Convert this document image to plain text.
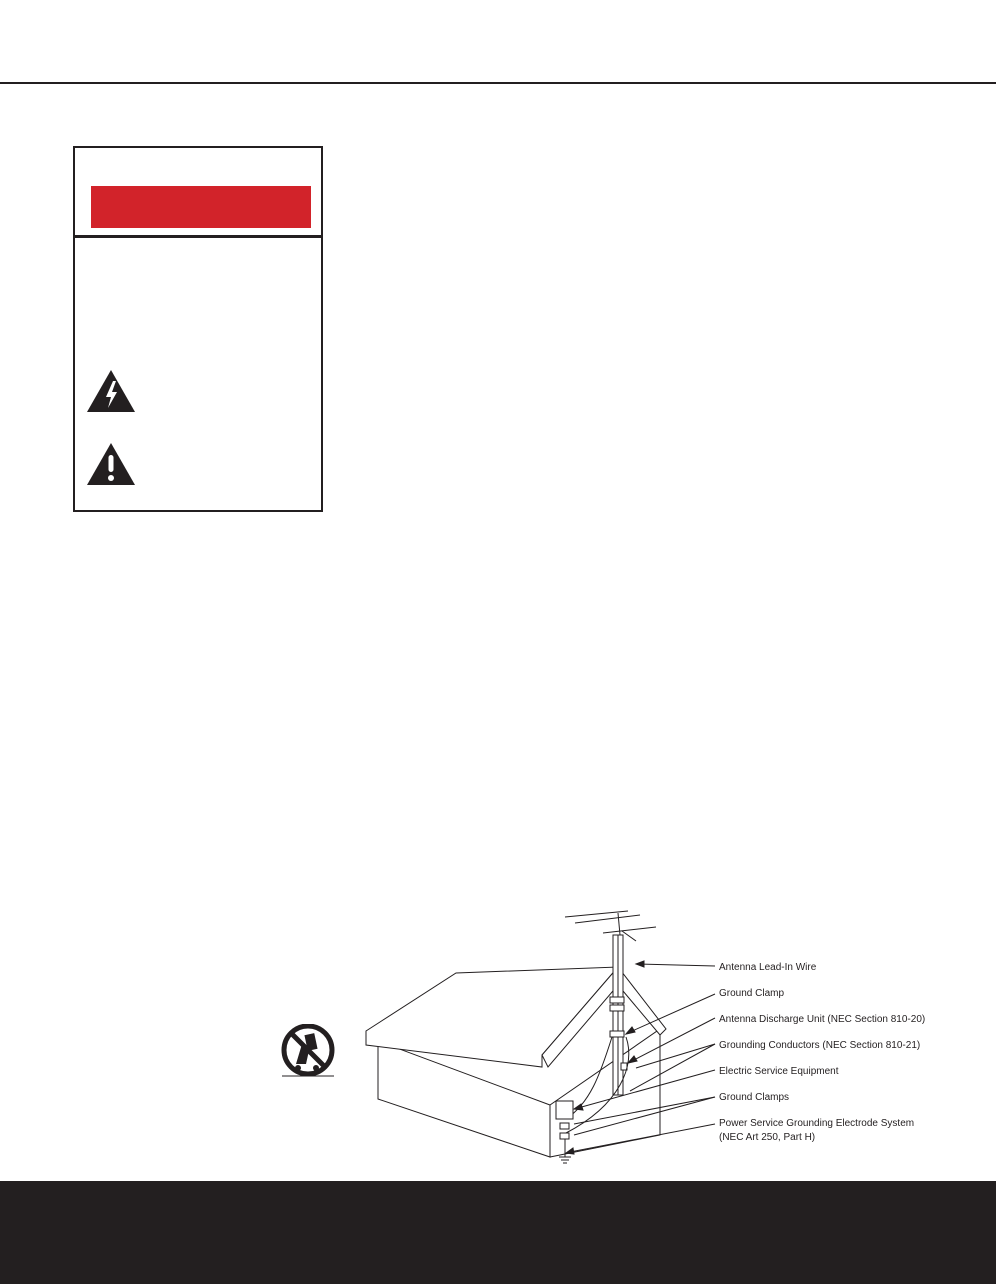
Antenna Lead-In Wire
Ground Clamp
Antenna Discharge Unit (NEC Section 810-20)
Grounding Conductors (NEC Section 810-21)
Electric Service Equipment
Ground Clamps
Power Service Grounding Electrode System
(NEC Art 250, Part H)
